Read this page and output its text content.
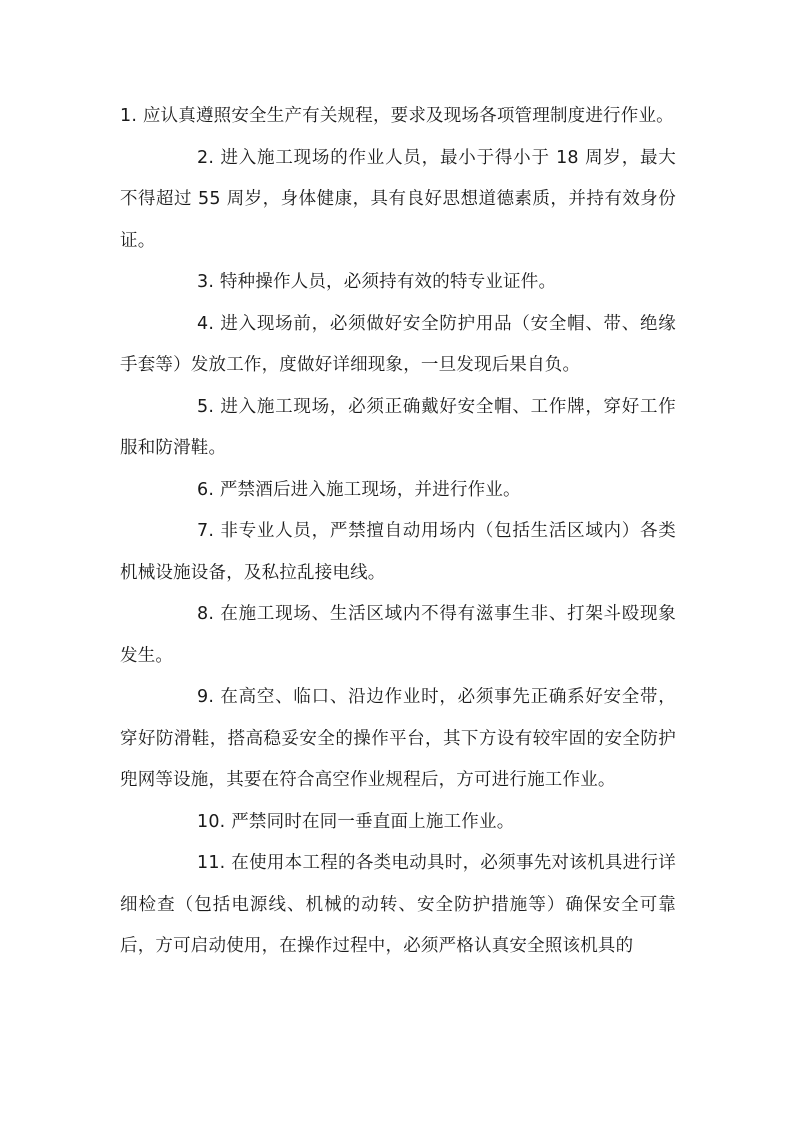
1. 应认真遵照安全生产有关规程，要求及现场各项管理制度进行作业。

2. 进入施工现场的作业人员，最小于得小于 18 周岁，最大不得超过 55 周岁，身体健康，具有良好思想道德素质，并持有效身份证。

3. 特种操作人员，必须持有效的特专业证件。

4. 进入现场前，必须做好安全防护用品（安全帽、带、绝缘手套等）发放工作，度做好详细现象，一旦发现后果自负。

5. 进入施工现场，必须正确戴好安全帽、工作牌，穿好工作服和防滑鞋。

6. 严禁酒后进入施工现场，并进行作业。

7. 非专业人员，严禁擅自动用场内（包括生活区域内）各类机械设施设备，及私拉乱接电线。

8. 在施工现场、生活区域内不得有滋事生非、打架斗殴现象发生。

9. 在高空、临口、沿边作业时，必须事先正确系好安全带，穿好防滑鞋，搭高稳妥安全的操作平台，其下方设有较牢固的安全防护兜网等设施，其要在符合高空作业规程后，方可进行施工作业。

10. 严禁同时在同一垂直面上施工作业。

11. 在使用本工程的各类电动具时，必须事先对该机具进行详细检查（包括电源线、机械的动转、安全防护措施等）确保安全可靠后，方可启动使用，在操作过程中，必须严格认真安全照该机具的
